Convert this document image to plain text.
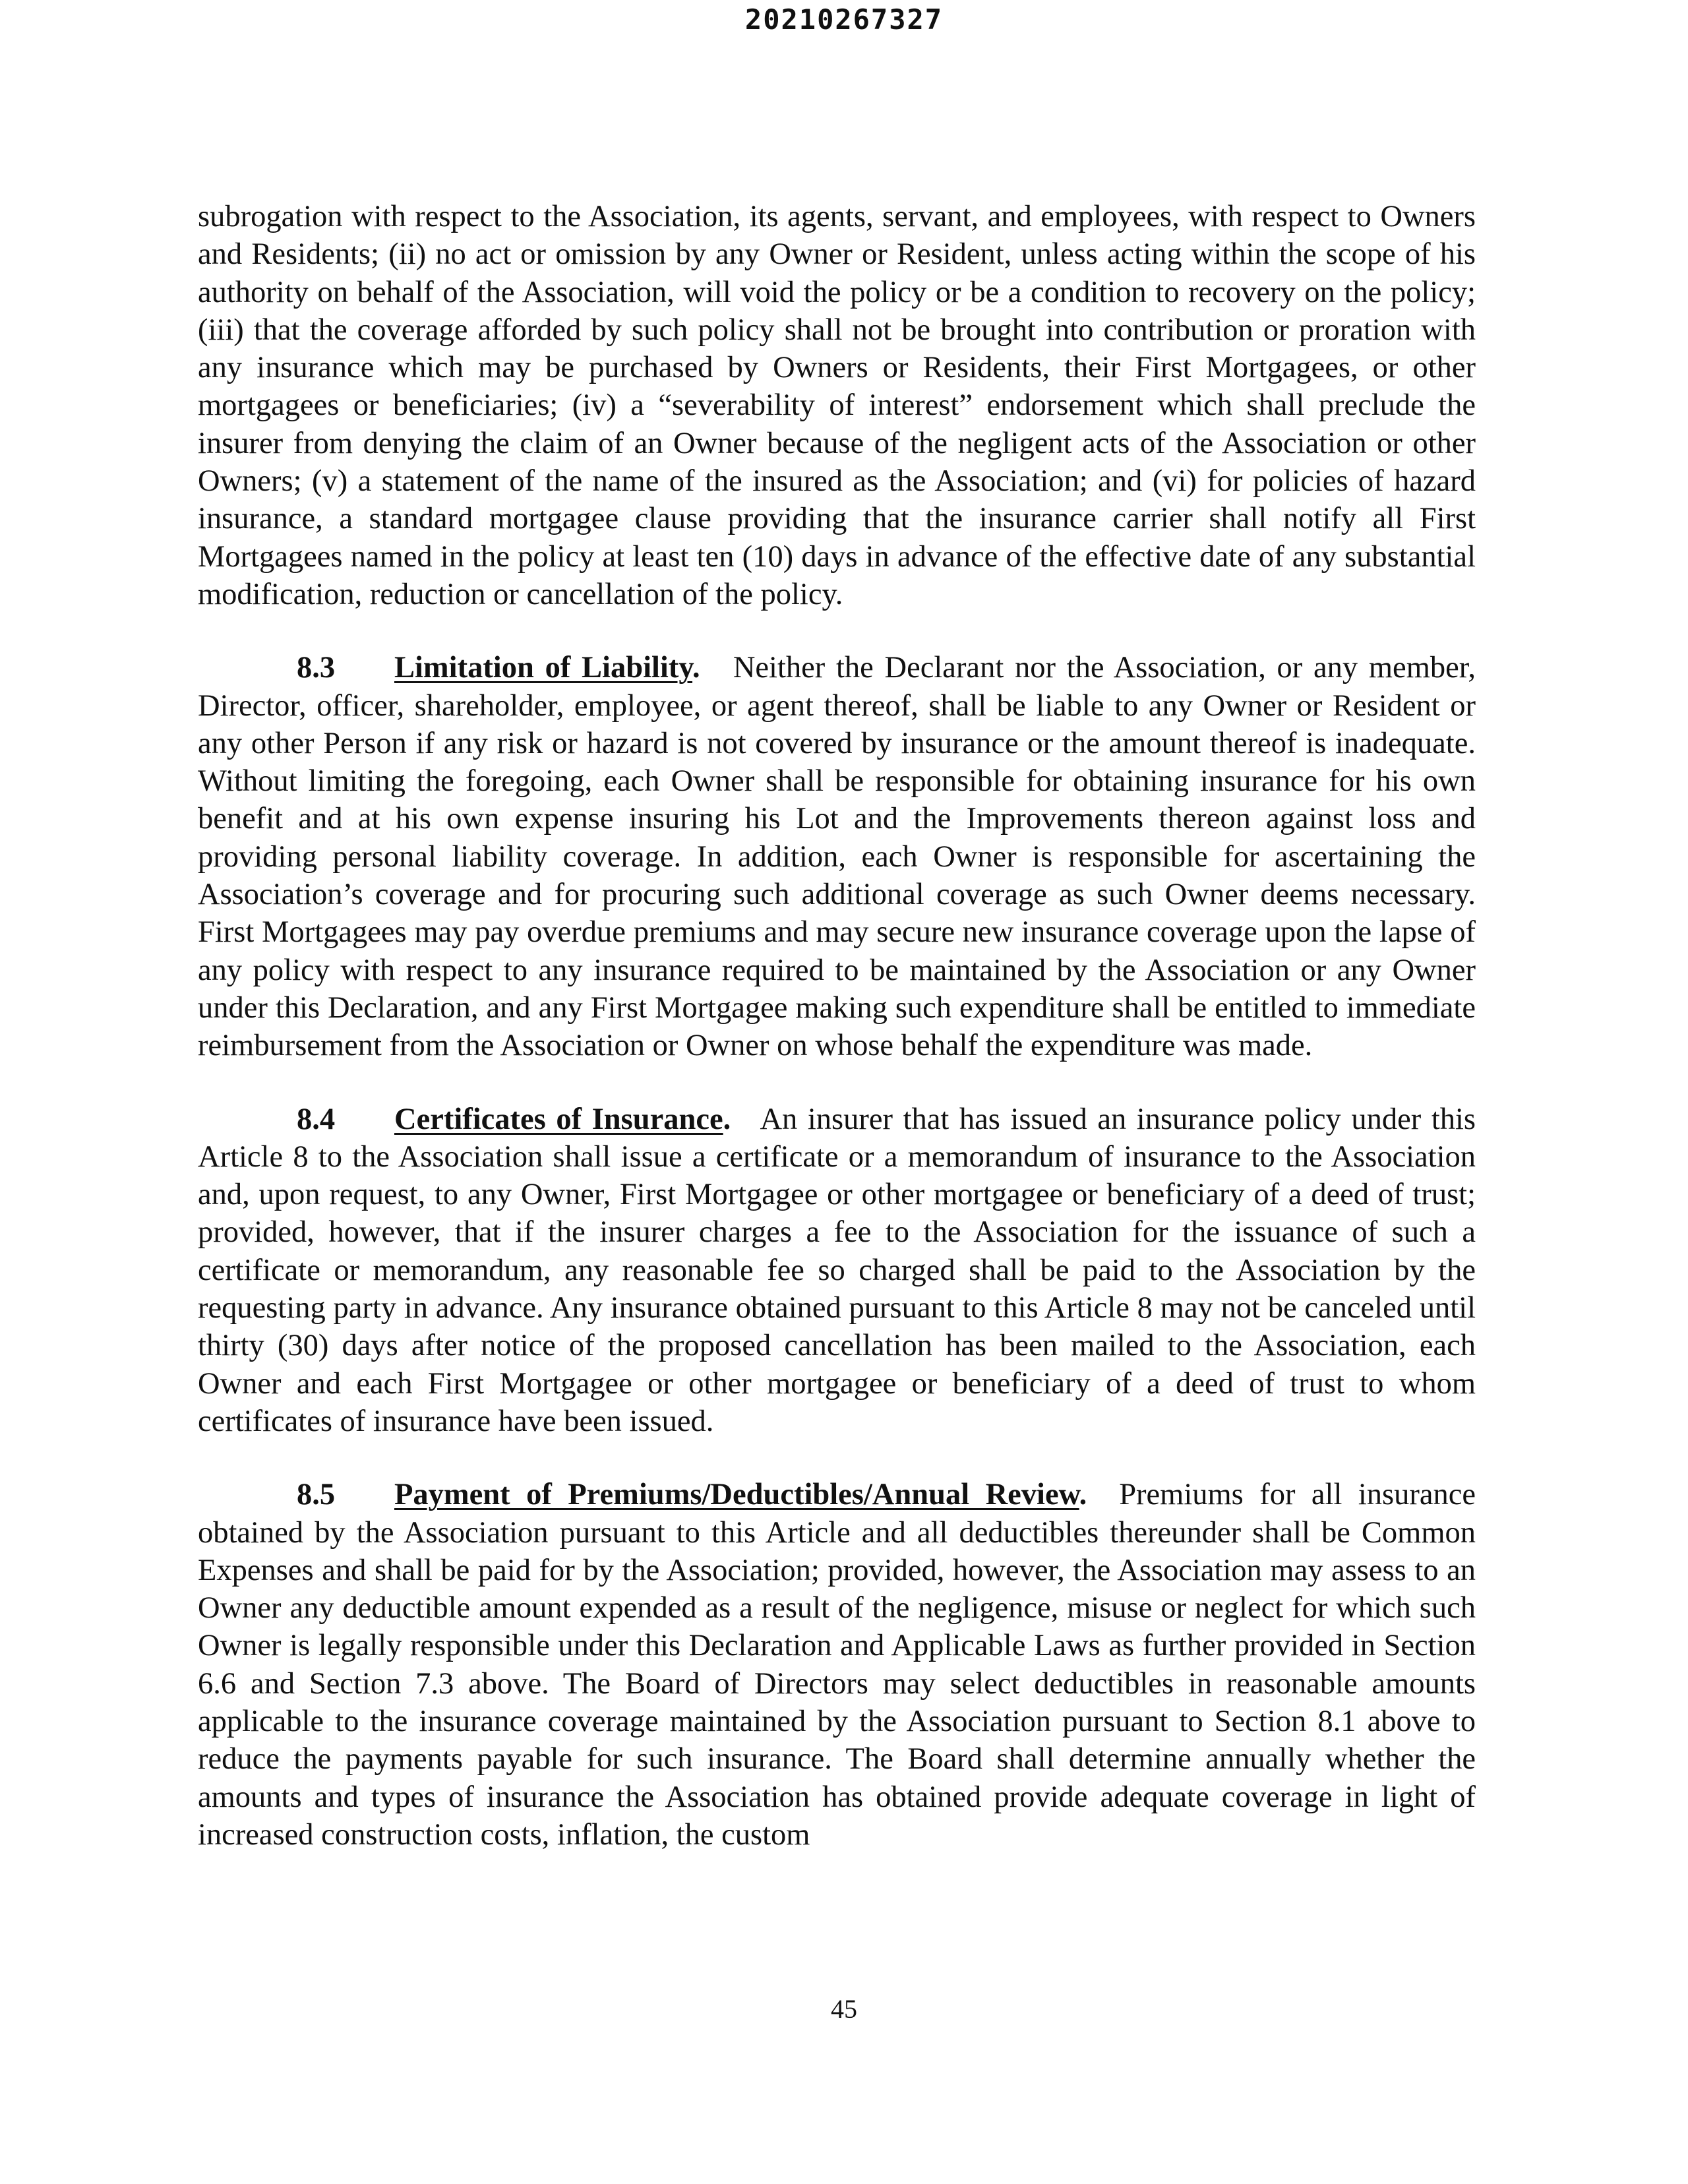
20210267327

subrogation with respect to the Association, its agents, servant, and employees, with respect to Owners and Residents; (ii) no act or omission by any Owner or Resident, unless acting within the scope of his authority on behalf of the Association, will void the policy or be a condition to recovery on the policy; (iii) that the coverage afforded by such policy shall not be brought into contribution or proration with any insurance which may be purchased by Owners or Residents, their First Mortgagees, or other mortgagees or beneficiaries; (iv) a “severability of interest” endorsement which shall preclude the insurer from denying the claim of an Owner because of the negligent acts of the Association or other Owners; (v) a statement of the name of the insured as the Association; and (vi) for policies of hazard insurance, a standard mortgagee clause providing that the insurance carrier shall notify all First Mortgagees named in the policy at least ten (10) days in advance of the effective date of any substantial modification, reduction or cancellation of the policy.

8.3 Limitation of Liability. Neither the Declarant nor the Association, or any member, Director, officer, shareholder, employee, or agent thereof, shall be liable to any Owner or Resident or any other Person if any risk or hazard is not covered by insurance or the amount thereof is inadequate. Without limiting the foregoing, each Owner shall be responsible for obtaining insurance for his own benefit and at his own expense insuring his Lot and the Improvements thereon against loss and providing personal liability coverage. In addition, each Owner is responsible for ascertaining the Association’s coverage and for procuring such additional coverage as such Owner deems necessary. First Mortgagees may pay overdue premiums and may secure new insurance coverage upon the lapse of any policy with respect to any insurance required to be maintained by the Association or any Owner under this Declaration, and any First Mortgagee making such expenditure shall be entitled to immediate reimbursement from the Association or Owner on whose behalf the expenditure was made.

8.4 Certificates of Insurance. An insurer that has issued an insurance policy under this Article 8 to the Association shall issue a certificate or a memorandum of insurance to the Association and, upon request, to any Owner, First Mortgagee or other mortgagee or beneficiary of a deed of trust; provided, however, that if the insurer charges a fee to the Association for the issuance of such a certificate or memorandum, any reasonable fee so charged shall be paid to the Association by the requesting party in advance. Any insurance obtained pursuant to this Article 8 may not be canceled until thirty (30) days after notice of the proposed cancellation has been mailed to the Association, each Owner and each First Mortgagee or other mortgagee or beneficiary of a deed of trust to whom certificates of insurance have been issued.

8.5 Payment of Premiums/Deductibles/Annual Review. Premiums for all insurance obtained by the Association pursuant to this Article and all deductibles thereunder shall be Common Expenses and shall be paid for by the Association; provided, however, the Association may assess to an Owner any deductible amount expended as a result of the negligence, misuse or neglect for which such Owner is legally responsible under this Declaration and Applicable Laws as further provided in Section 6.6 and Section 7.3 above. The Board of Directors may select deductibles in reasonable amounts applicable to the insurance coverage maintained by the Association pursuant to Section 8.1 above to reduce the payments payable for such insurance. The Board shall determine annually whether the amounts and types of insurance the Association has obtained provide adequate coverage in light of increased construction costs, inflation, the custom

45
